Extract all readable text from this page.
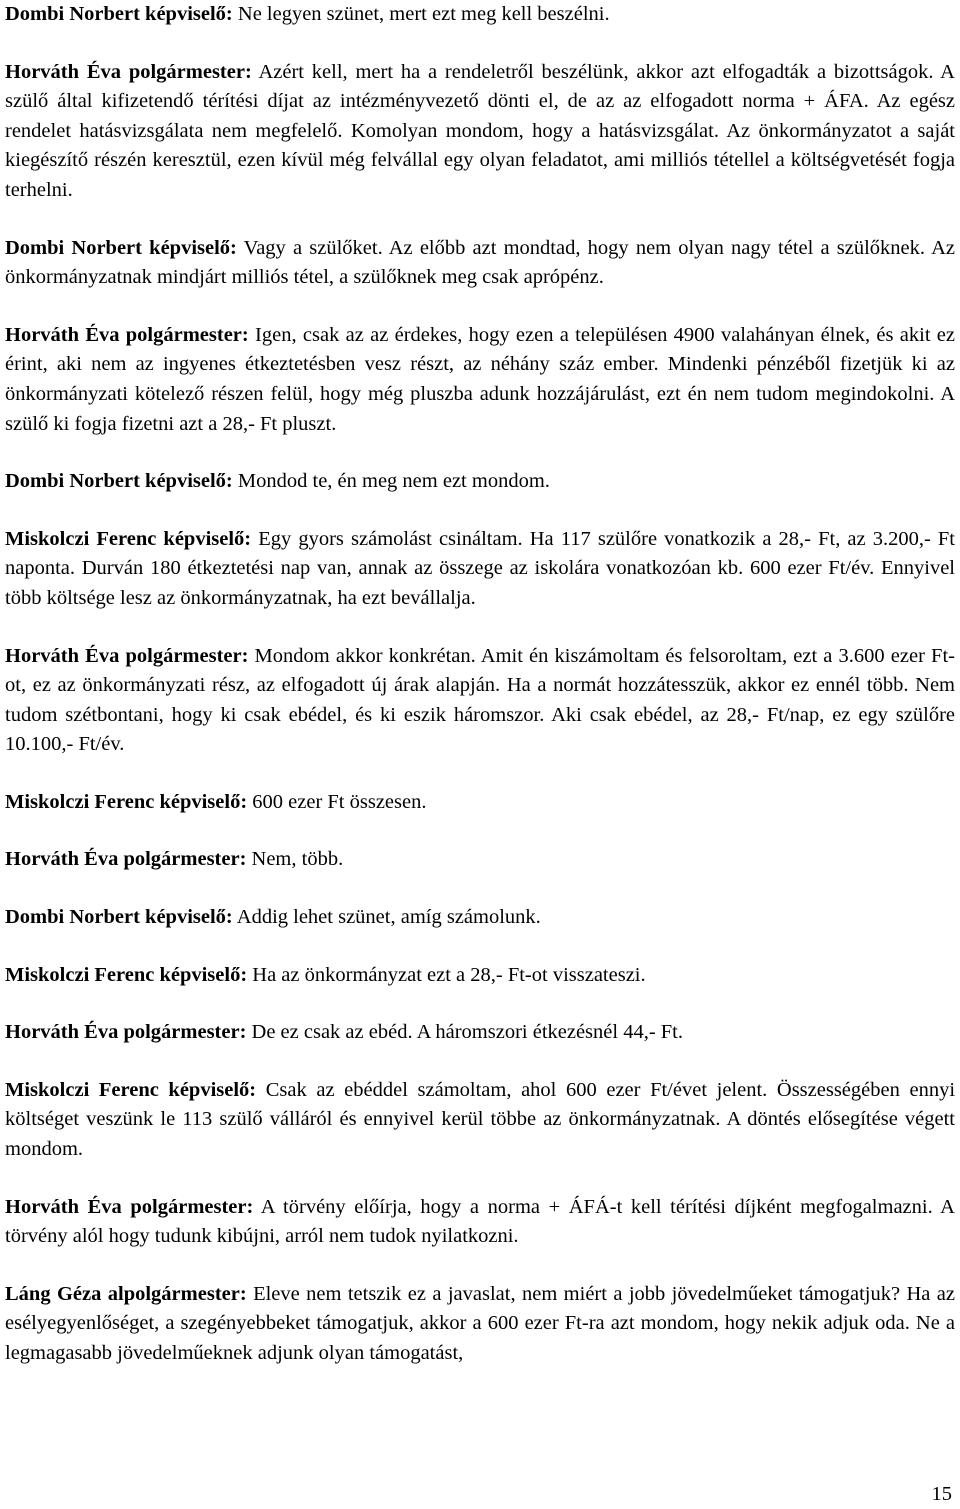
Dombi Norbert képviselő: Ne legyen szünet, mert ezt meg kell beszélni.

Horváth Éva polgármester: Azért kell, mert ha a rendeletről beszélünk, akkor azt elfogadták a bizottságok. A szülő által kifizetendő térítési díjat az intézményvezető dönti el, de az az elfogadott norma + ÁFA. Az egész rendelet hatásvizsgálata nem megfelelő. Komolyan mondom, hogy a hatásvizsgálat. Az önkormányzatot a saját kiegészítő részén keresztül, ezen kívül még felvállal egy olyan feladatot, ami milliós tétellel a költségvetését fogja terhelni.

Dombi Norbert képviselő: Vagy a szülőket. Az előbb azt mondtad, hogy nem olyan nagy tétel a szülőknek. Az önkormányzatnak mindjárt milliós tétel, a szülőknek meg csak aprópénz.

Horváth Éva polgármester: Igen, csak az az érdekes, hogy ezen a településen 4900 valahányan élnek, és akit ez érint, aki nem az ingyenes étkeztetésben vesz részt, az néhány száz ember. Mindenki pénzéből fizetjük ki az önkormányzati kötelező részen felül, hogy még pluszba adunk hozzájárulást, ezt én nem tudom megindokolni. A szülő ki fogja fizetni azt a 28,- Ft pluszt.

Dombi Norbert képviselő: Mondod te, én meg nem ezt mondom.

Miskolczi Ferenc képviselő: Egy gyors számolást csináltam. Ha 117 szülőre vonatkozik a 28,- Ft, az 3.200,- Ft naponta. Durván 180 étkeztetési nap van, annak az összege az iskolára vonatkozóan kb. 600 ezer Ft/év. Ennyivel több költsége lesz az önkormányzatnak, ha ezt bevállalja.

Horváth Éva polgármester: Mondom akkor konkrétan. Amit én kiszámoltam és felsoroltam, ezt a 3.600 ezer Ft-ot, ez az önkormányzati rész, az elfogadott új árak alapján. Ha a normát hozzátesszük, akkor ez ennél több. Nem tudom szétbontani, hogy ki csak ebédel, és ki eszik háromszor. Aki csak ebédel, az 28,- Ft/nap, ez egy szülőre 10.100,- Ft/év.

Miskolczi Ferenc képviselő: 600 ezer Ft összesen.

Horváth Éva polgármester: Nem, több.

Dombi Norbert képviselő: Addig lehet szünet, amíg számolunk.

Miskolczi Ferenc képviselő: Ha az önkormányzat ezt a 28,- Ft-ot visszateszi.

Horváth Éva polgármester: De ez csak az ebéd. A háromszori étkezésnél 44,- Ft.

Miskolczi Ferenc képviselő: Csak az ebéddel számoltam, ahol 600 ezer Ft/évet jelent. Összességében ennyi költséget veszünk le 113 szülő válláról és ennyivel kerül többe az önkormányzatnak. A döntés elősegítése végett mondom.

Horváth Éva polgármester: A törvény előírja, hogy a norma + ÁFÁ-t kell térítési díjként megfogalmazni. A törvény alól hogy tudunk kibújni, arról nem tudok nyilatkozni.

Láng Géza alpolgármester: Eleve nem tetszik ez a javaslat, nem miért a jobb jövedelműeket támogatjuk? Ha az esélyegyenlőséget, a szegényebbeket támogatjuk, akkor a 600 ezer Ft-ra azt mondom, hogy nekik adjuk oda. Ne a legmagasabb jövedelműeknek adjunk olyan támogatást,

15
